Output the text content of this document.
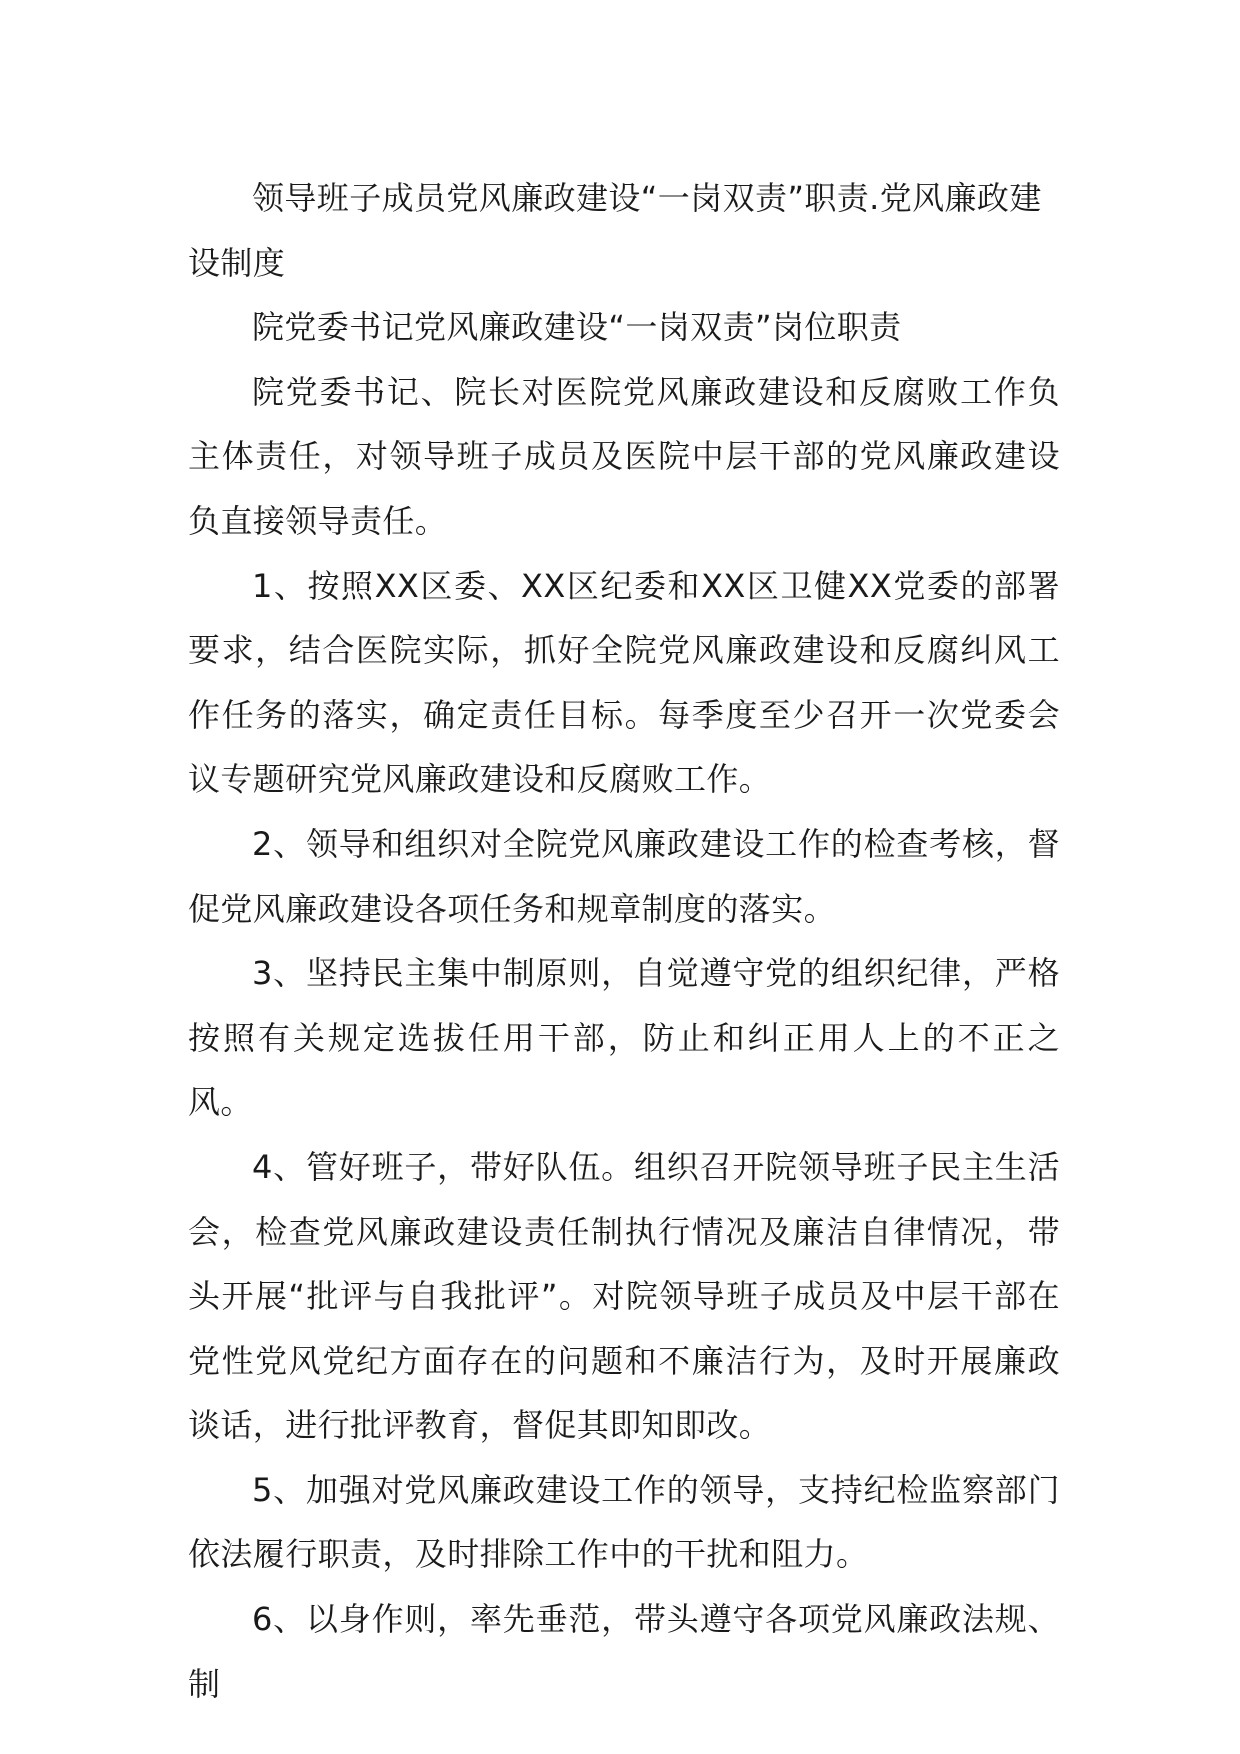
领导班子成员党风廉政建设“一岗双责”职责.党风廉政建设制度

院党委书记党风廉政建设“一岗双责”岗位职责

院党委书记、院长对医院党风廉政建设和反腐败工作负主体责任，对领导班子成员及医院中层干部的党风廉政建设负直接领导责任。

1、按照XX区委、XX区纪委和XX区卫健XX党委的部署要求，结合医院实际，抓好全院党风廉政建设和反腐纠风工作任务的落实，确定责任目标。每季度至少召开一次党委会议专题研究党风廉政建设和反腐败工作。

2、领导和组织对全院党风廉政建设工作的检查考核，督促党风廉政建设各项任务和规章制度的落实。

3、坚持民主集中制原则，自觉遵守党的组织纪律，严格按照有关规定选拔任用干部，防止和纠正用人上的不正之风。

4、管好班子，带好队伍。组织召开院领导班子民主生活会，检查党风廉政建设责任制执行情况及廉洁自律情况，带头开展“批评与自我批评”。对院领导班子成员及中层干部在党性党风党纪方面存在的问题和不廉洁行为，及时开展廉政谈话，进行批评教育，督促其即知即改。

5、加强对党风廉政建设工作的领导，支持纪检监察部门依法履行职责，及时排除工作中的干扰和阻力。

6、以身作则，率先垂范，带头遵守各项党风廉政法规、制
